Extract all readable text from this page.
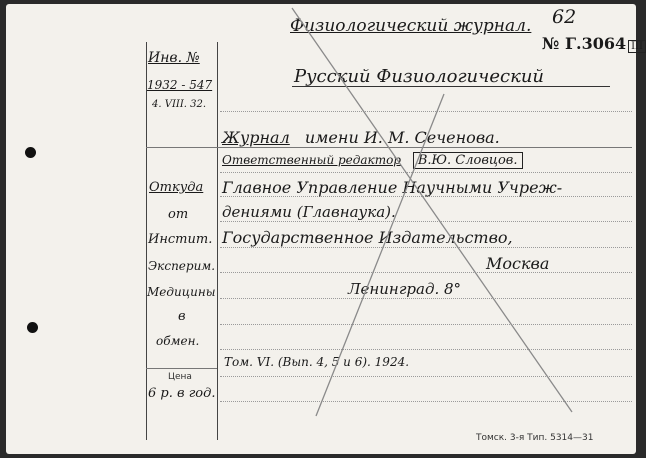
Физиологический журнал. 62
№ Г.3064 III
Инв. №
1932 - 547
4. VIII. 32.
Откуда
от
Инстит.
Эксперим.
Медицины
в
обмен.
Цена
6 р. в год.
Русский Физиологический
Журнал имени И. М. Сеченова.
Ответственный редактор В.Ю. Словцов.
Главное Управление Научными Учреж-
дениями (Главнаука).
Государственное Издательство,
Москва
Ленинград. 8°
Том. VI. (Вып. 4, 5 и 6). 1924.
Томск. 3-я Тип. 5314—31
